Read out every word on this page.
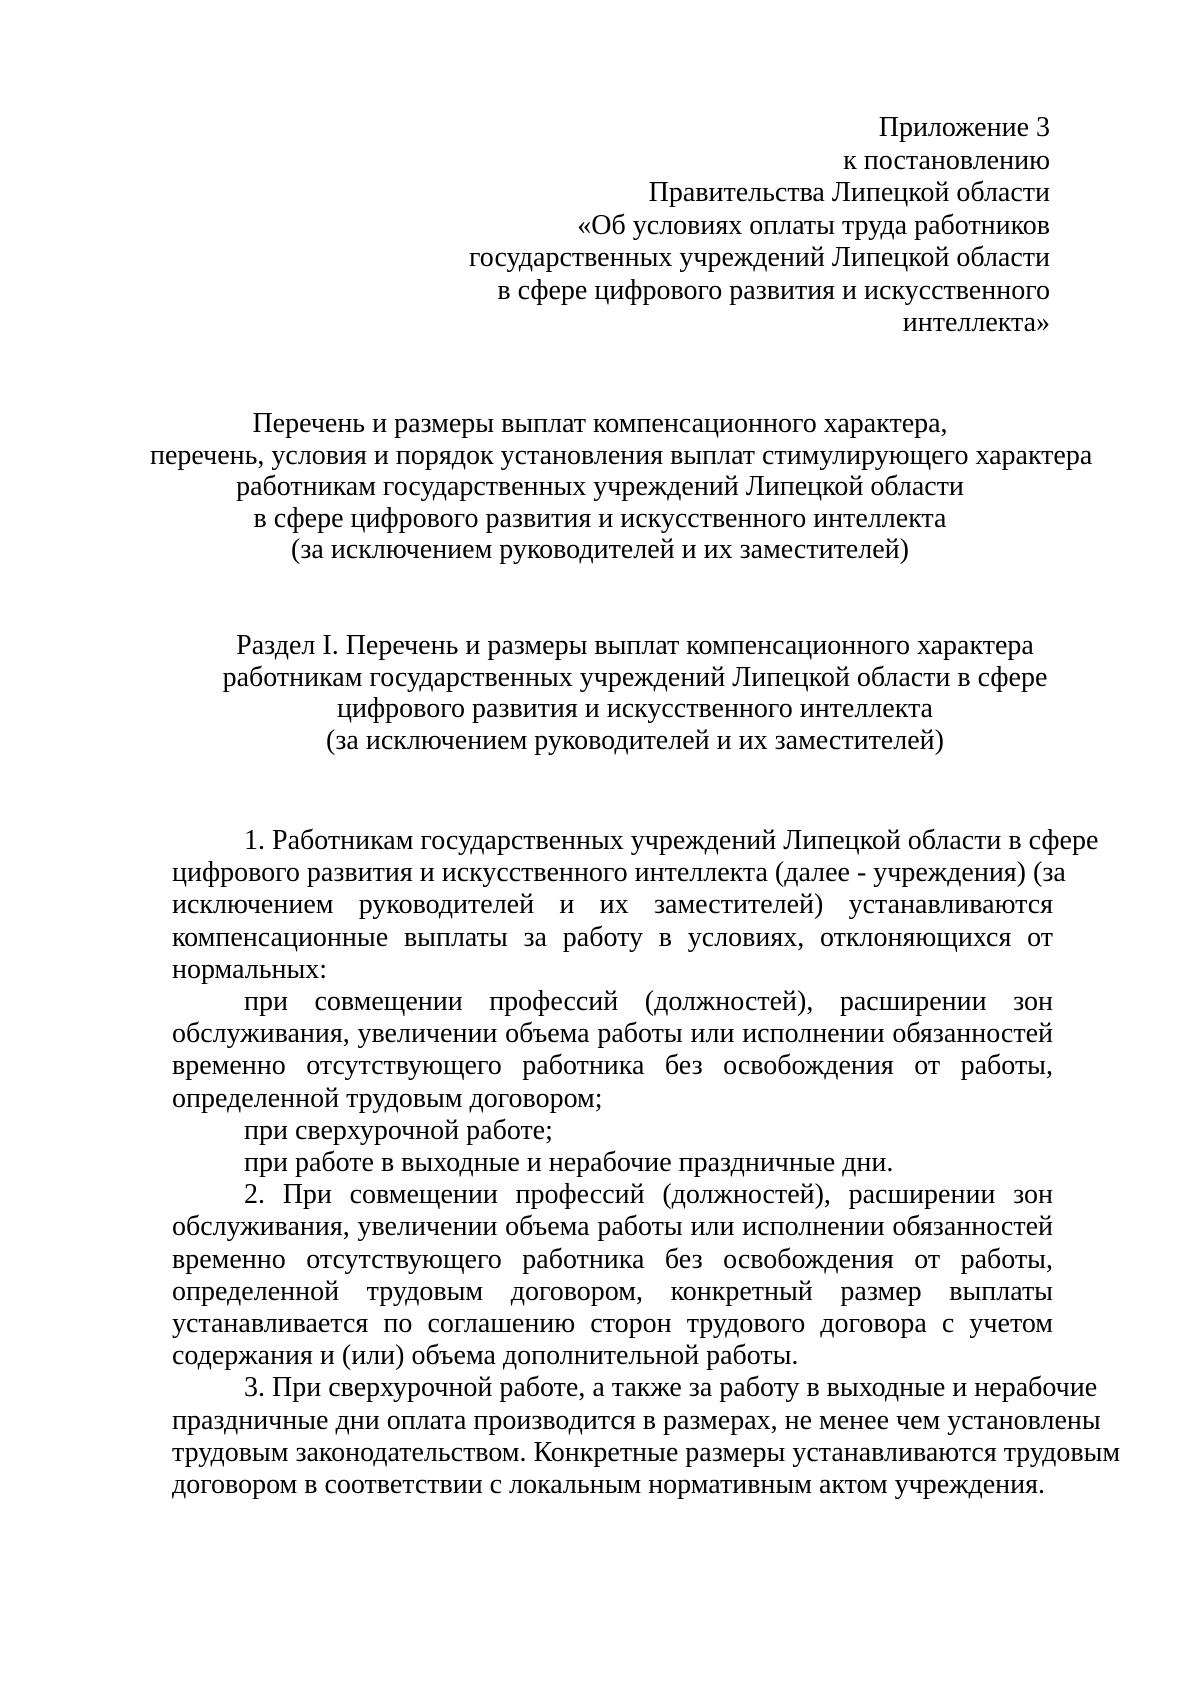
Приложение 3
к постановлению
Правительства Липецкой области
«Об условиях оплаты труда работников
государственных учреждений Липецкой области
в сфере цифрового развития и искусственного
интеллекта»
Перечень и размеры выплат компенсационного характера,
перечень, условия и порядок установления выплат стимулирующего характера
работникам государственных учреждений Липецкой области
в сфере цифрового развития и искусственного интеллекта
(за исключением руководителей и их заместителей)
Раздел I. Перечень и размеры выплат компенсационного характера
работникам государственных учреждений Липецкой области в сфере
цифрового развития и искусственного интеллекта
(за исключением руководителей и их заместителей)
1. Работникам государственных учреждений Липецкой области в сфере
цифрового развития и искусственного интеллекта (далее - учреждения) (за
исключением руководителей и их заместителей) устанавливаются
компенсационные выплаты за работу в условиях, отклоняющихся от
нормальных:
при совмещении профессий (должностей), расширении зон
обслуживания, увеличении объема работы или исполнении обязанностей
временно отсутствующего работника без освобождения от работы,
определенной трудовым договором;
при сверхурочной работе;
при работе в выходные и нерабочие праздничные дни.
2. При совмещении профессий (должностей), расширении зон
обслуживания, увеличении объема работы или исполнении обязанностей
временно отсутствующего работника без освобождения от работы,
определенной трудовым договором, конкретный размер выплаты
устанавливается по соглашению сторон трудового договора с учетом
содержания и (или) объема дополнительной работы.
3. При сверхурочной работе, а также за работу в выходные и нерабочие
праздничные дни оплата производится в размерах, не менее чем установлены
трудовым законодательством. Конкретные размеры устанавливаются трудовым
договором в соответствии с локальным нормативным актом учреждения.
